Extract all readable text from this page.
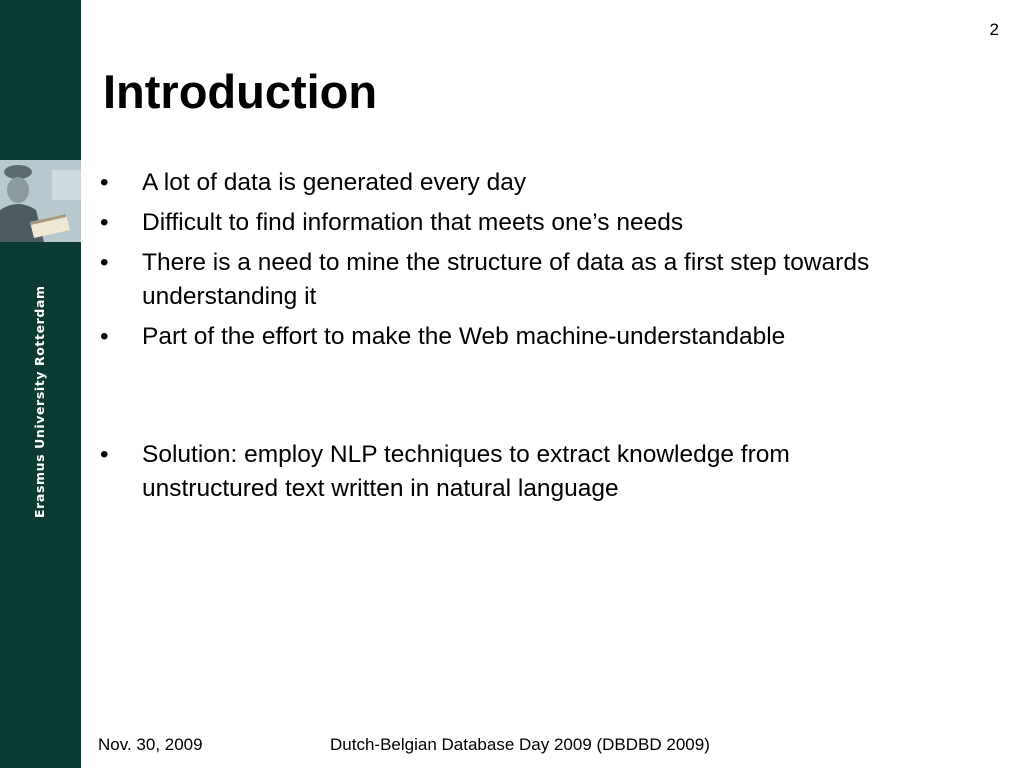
Erasmus University Rotterdam
2
Introduction
• A lot of data is generated every day
• Difficult to find information that meets one’s needs
• There is a need to mine the structure of data as a first step towards understanding it
• Part of the effort to make the Web machine-understandable
• Solution: employ NLP techniques to extract knowledge from unstructured text written in natural language
Nov. 30, 2009	Dutch-Belgian Database Day 2009 (DBDBD 2009)
